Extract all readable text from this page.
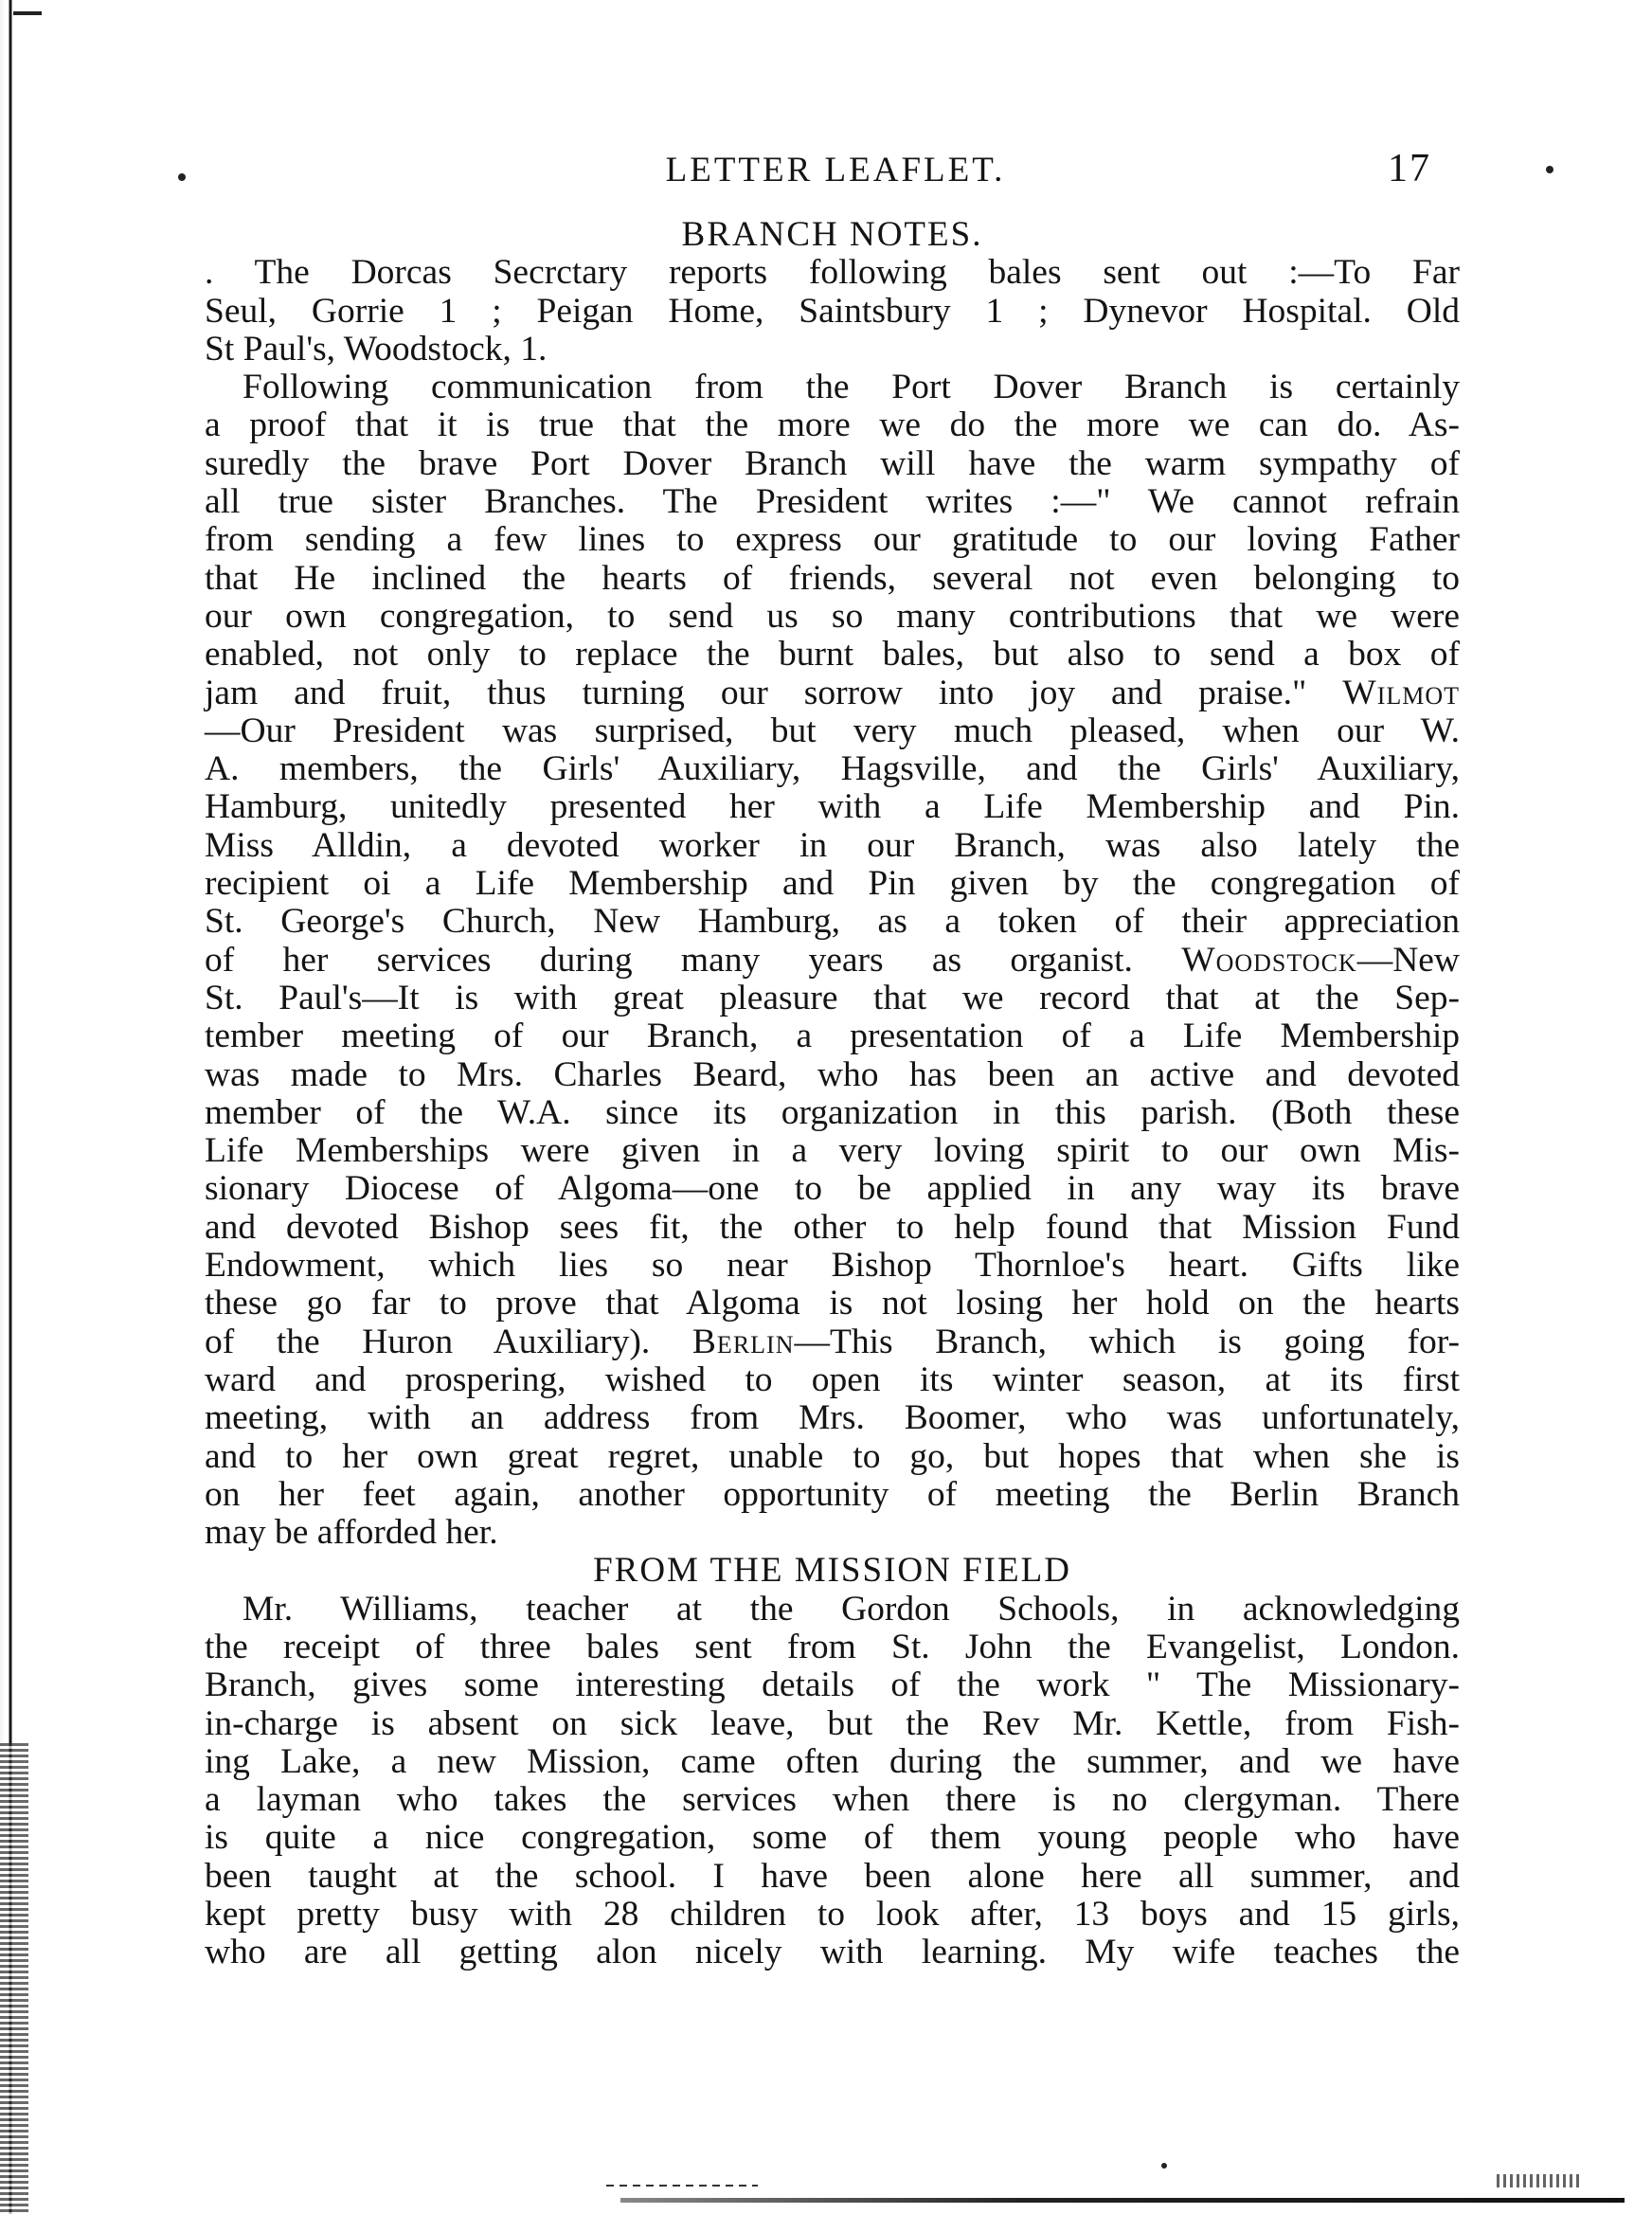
LETTER LEAFLET.	17
BRANCH NOTES.
. The Dorcas Secrctary reports following bales sent out :—To Far
Seul, Gorrie 1 ; Peigan Home, Saintsbury 1 ; Dynevor Hospital. Old
St Paul's, Woodstock, 1.
Following communication from the Port Dover Branch is certainly
a proof that it is true that the more we do the more we can do. As-
suredly the brave Port Dover Branch will have the warm sympathy of
all true sister Branches. The President writes :—" We cannot refrain
from sending a few lines to express our gratitude to our loving Father
that He inclined the hearts of friends, several not even belonging to
our own congregation, to send us so many contributions that we were
enabled, not only to replace the burnt bales, but also to send a box of
jam and fruit, thus turning our sorrow into joy and praise." Wilmot
—Our President was surprised, but very much pleased, when our W.
A. members, the Girls' Auxiliary, Hagsville, and the Girls' Auxiliary,
Hamburg, unitedly presented her with a Life Membership and Pin.
Miss Alldin, a devoted worker in our Branch, was also lately the
recipient oi a Life Membership and Pin given by the congregation of
St. George's Church, New Hamburg, as a token of their appreciation
of her services during many years as organist. Woodstock—New
St. Paul's—It is with great pleasure that we record that at the Sep-
tember meeting of our Branch, a presentation of a Life Membership
was made to Mrs. Charles Beard, who has been an active and devoted
member of the W.A. since its organization in this parish. (Both these
Life Memberships were given in a very loving spirit to our own Mis-
sionary Diocese of Algoma—one to be applied in any way its brave
and devoted Bishop sees fit, the other to help found that Mission Fund
Endowment, which lies so near Bishop Thornloe's heart. Gifts like
these go far to prove that Algoma is not losing her hold on the hearts
of the Huron Auxiliary). Berlin—This Branch, which is going for-
ward and prospering, wished to open its winter season, at its first
meeting, with an address from Mrs. Boomer, who was unfortunately,
and to her own great regret, unable to go, but hopes that when she is
on her feet again, another opportunity of meeting the Berlin Branch
may be afforded her.
FROM THE MISSION FIELD
Mr. Williams, teacher at the Gordon Schools, in acknowledging
the receipt of three bales sent from St. John the Evangelist, London.
Branch, gives some interesting details of the work " The Missionary-
in-charge is absent on sick leave, but the Rev Mr. Kettle, from Fish-
ing Lake, a new Mission, came often during the summer, and we have
a layman who takes the services when there is no clergyman. There
is quite a nice congregation, some of them young people who have
been taught at the school. I have been alone here all summer, and
kept pretty busy with 28 children to look after, 13 boys and 15 girls,
who are all getting alon nicely with learning. My wife teaches the
